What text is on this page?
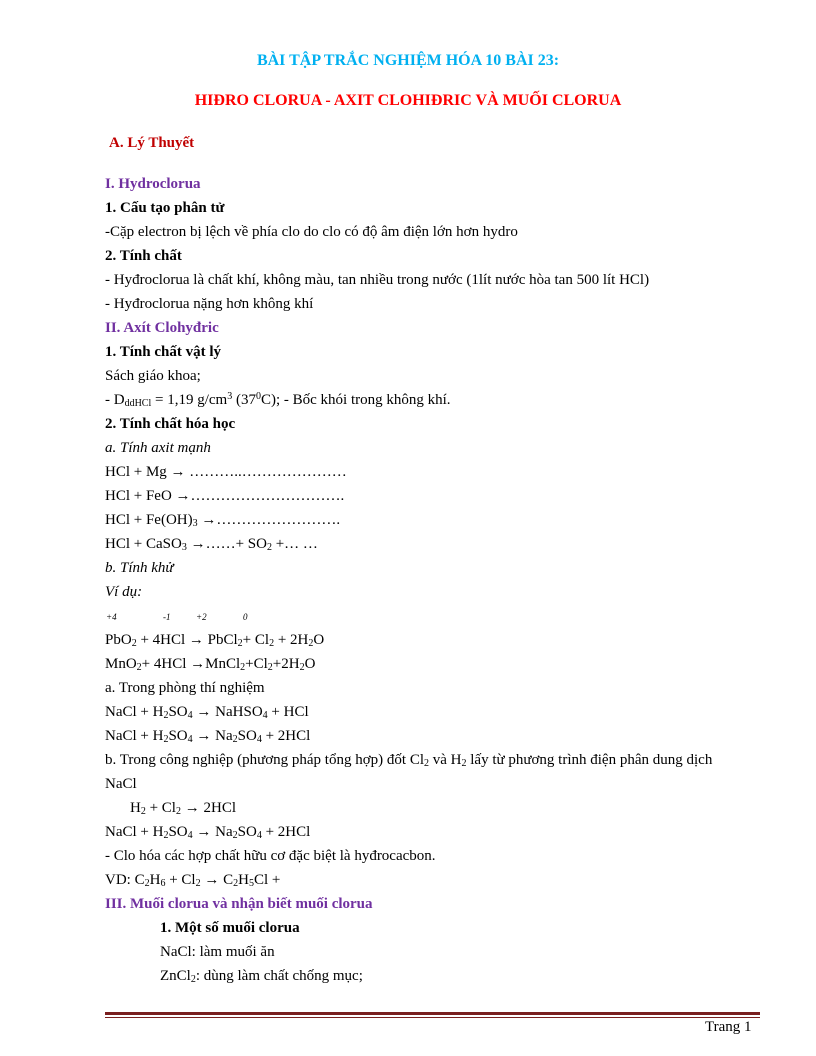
BÀI TẬP TRẮC NGHIỆM HÓA 10 BÀI 23:
HIĐRO CLORUA - AXIT CLOHIĐRIC VÀ MUỐI CLORUA
A. Lý Thuyết
I. Hydroclorua
1. Cấu tạo phân tử
-Cặp electron bị lệch về phía clo do clo có độ âm điện lớn hơn hydro
2. Tính chất
- Hyđroclorua là chất khí, không màu, tan nhiều trong nước (1lít nước hòa tan 500 lít HCl)
- Hyđroclorua nặng hơn không khí
II. Axít Clohyđric
1. Tính chất vật lý
Sách giáo khoa;
- $D_{ddHCl} = 1,19$ $g/cm^3$ $(37^0C)$; - Bốc khói trong không khí.
2. Tính chất hóa học
a. Tính axit mạnh
HCl + Mg → ………..…………………
HCl + FeO →………………………….
HCl + $Fe(OH)_3$ →…………………….
HCl + CaSO$_3$ →……+ $SO_2$ +… …
b. Tính khử
Ví dụ:
+4	-1	+2	0
PbO$_2$ + 4HCl → PbCl$_2$+ $Cl_2 + 2H_2O$
$MnO_2+ 4HCl \to MnCl_2+Cl_2+2H_2O$
a. Trong phòng thí nghiệm
NaCl + $H_2SO_4$ → NaHSO$_4$ + HCl
NaCl + $H_2SO_4 \to Na_2SO_4 + 2HCl$
b. Trong công nghiệp (phương pháp tổng hợp) đốt $Cl_2$ và $H_2$ lấy từ phương trình điện phân dung dịch
NaCl
$H_2 + Cl_2 \to 2HCl$
NaCl + $H_2SO_4 \to Na_2SO_4 + 2HCl$
- Clo hóa các hợp chất hữu cơ đặc biệt là hyđrocacbon.
VD: $C_2H_6 + Cl_2 \to C_2H_5Cl$ +
III. Muối clorua và nhận biết muối clorua
1. Một số muối clorua
NaCl: làm muối ăn
ZnCl$_2$: dùng làm chất chống mục;
Trang 1
